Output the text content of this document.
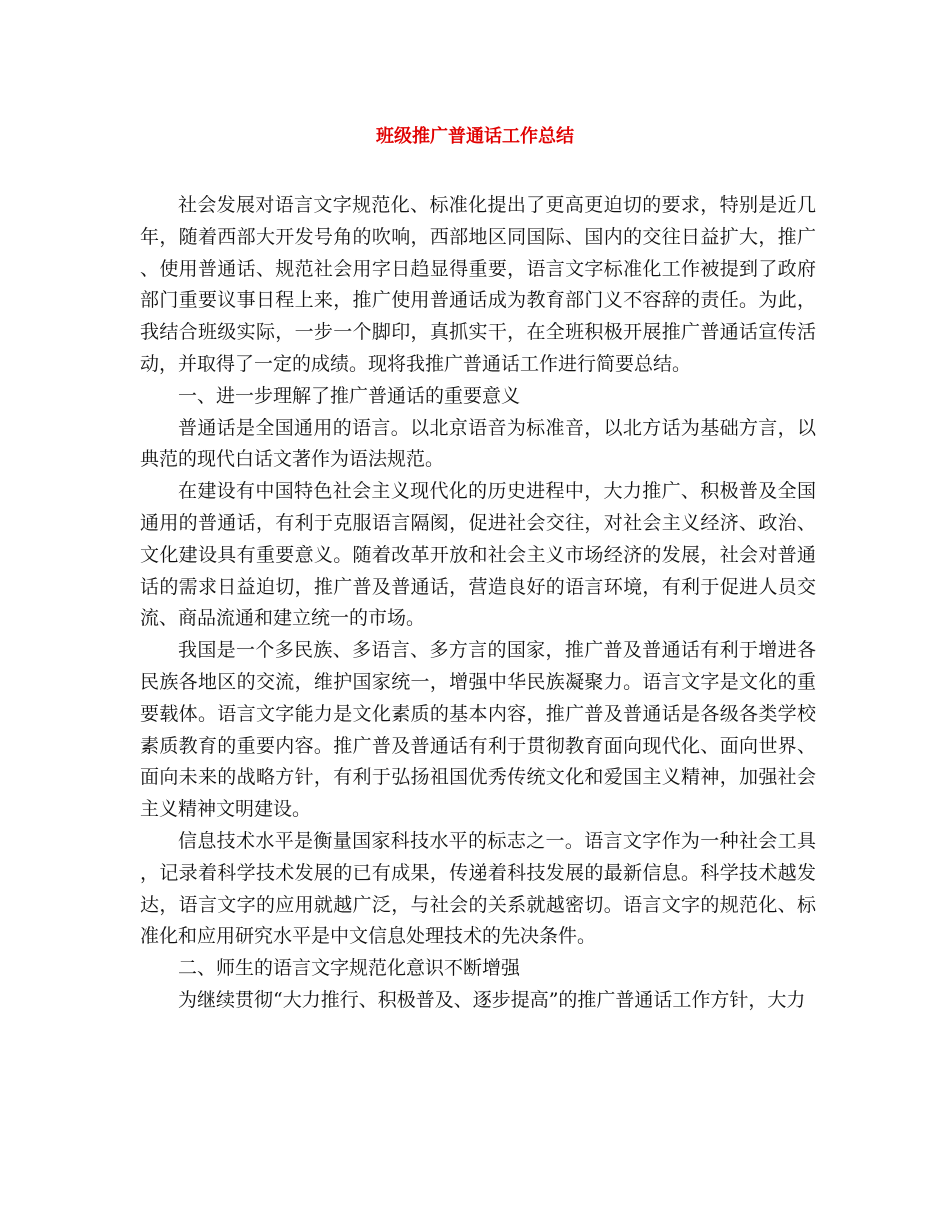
班级推广普通话工作总结

社会发展对语言文字规范化、标准化提出了更高更迫切的要求，特别是近几年，随着西部大开发号角的吹响，西部地区同国际、国内的交往日益扩大，推广、使用普通话、规范社会用字日趋显得重要，语言文字标准化工作被提到了政府部门重要议事日程上来，推广使用普通话成为教育部门义不容辞的责任。为此，我结合班级实际，一步一个脚印，真抓实干，在全班积极开展推广普通话宣传活动，并取得了一定的成绩。现将我推广普通话工作进行简要总结。

一、进一步理解了推广普通话的重要意义

普通话是全国通用的语言。以北京语音为标准音，以北方话为基础方言，以典范的现代白话文著作为语法规范。

在建设有中国特色社会主义现代化的历史进程中，大力推广、积极普及全国通用的普通话，有利于克服语言隔阂，促进社会交往，对社会主义经济、政治、文化建设具有重要意义。随着改革开放和社会主义市场经济的发展，社会对普通话的需求日益迫切，推广普及普通话，营造良好的语言环境，有利于促进人员交流、商品流通和建立统一的市场。

我国是一个多民族、多语言、多方言的国家，推广普及普通话有利于增进各民族各地区的交流，维护国家统一，增强中华民族凝聚力。语言文字是文化的重要载体。语言文字能力是文化素质的基本内容，推广普及普通话是各级各类学校素质教育的重要内容。推广普及普通话有利于贯彻教育面向现代化、面向世界、面向未来的战略方针，有利于弘扬祖国优秀传统文化和爱国主义精神，加强社会主义精神文明建设。

信息技术水平是衡量国家科技水平的标志之一。语言文字作为一种社会工具，记录着科学技术发展的已有成果，传递着科技发展的最新信息。科学技术越发达，语言文字的应用就越广泛，与社会的关系就越密切。语言文字的规范化、标准化和应用研究水平是中文信息处理技术的先决条件。

二、师生的语言文字规范化意识不断增强

为继续贯彻“大力推行、积极普及、逐步提高”的推广普通话工作方针，大力
